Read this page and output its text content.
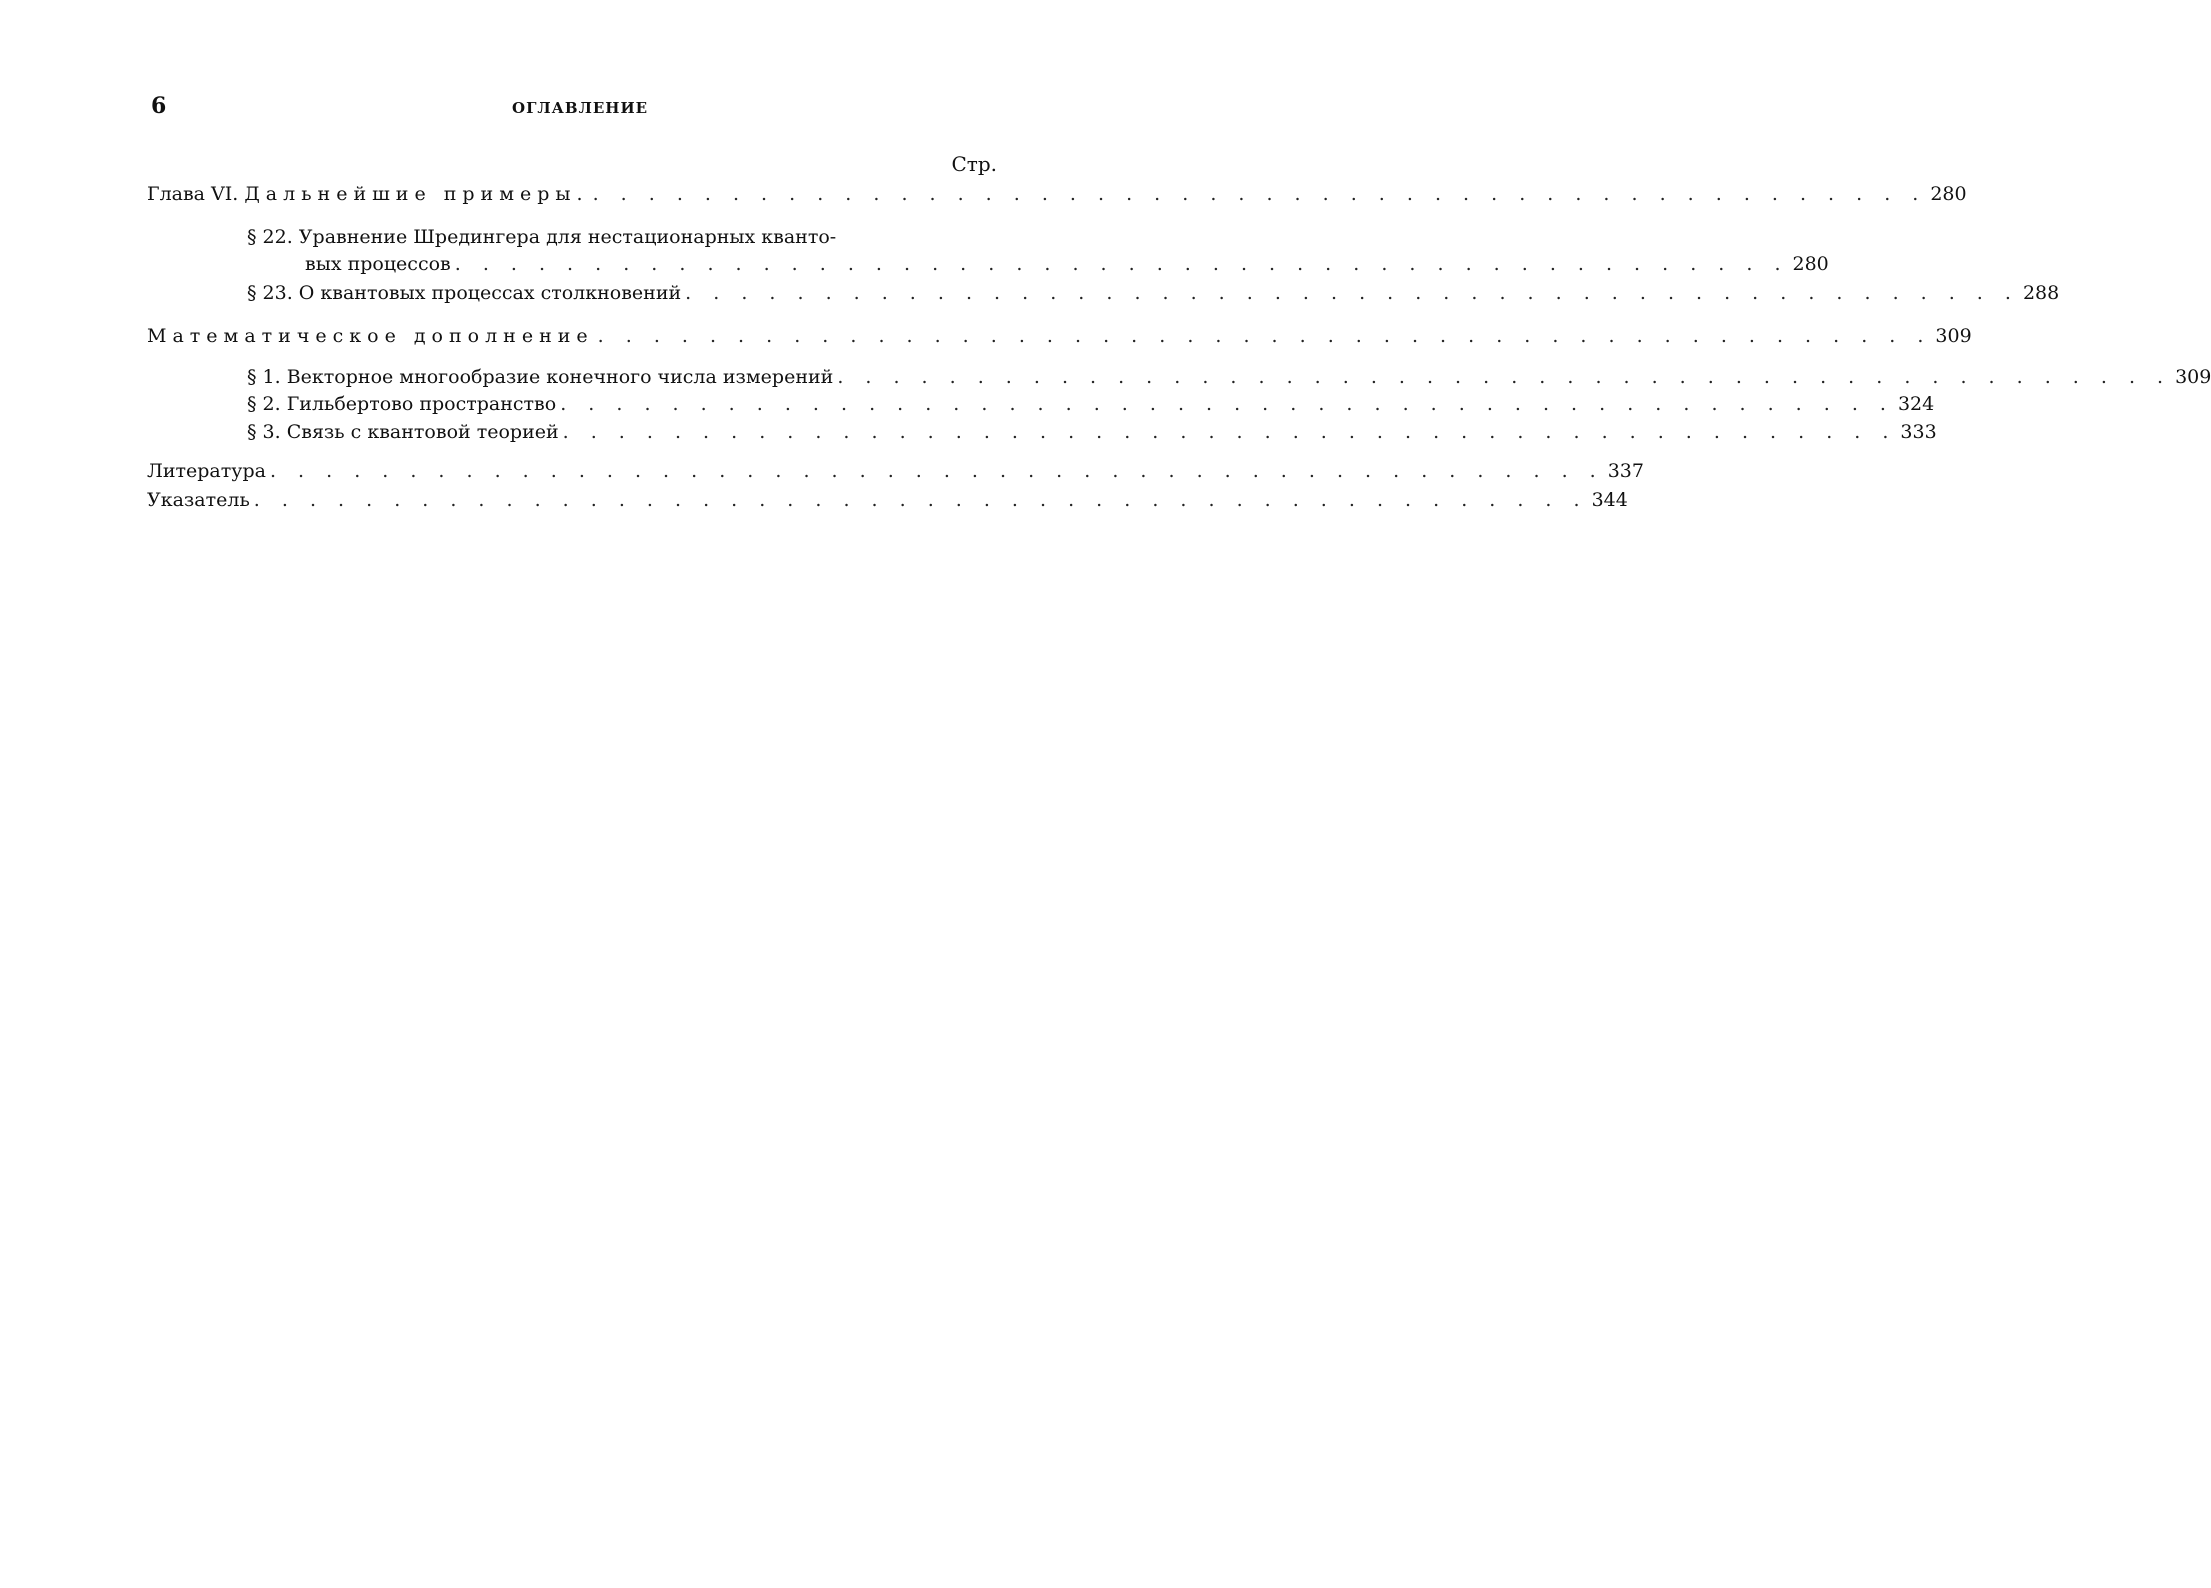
6	ОГЛАВЛЕНИЕ
Стр.
Глава VI. Дальнейшие примеры. . . . . . . . . . . . . . . . . . . . . . . . . . . . . . . . . . . . . . . . . . . . . . . . . 280
§ 22. Уравнение Шредингера для нестационарных кванто-
вых процессов . . . . . . . . . . . . . . . . . . . . . . . . . . . . . . . . . . . . . . . . . . . . . . . . 280
§ 23. О квантовых процессах столкновений . . . . . . . . . . . . . . . . . . . . . . . . . . . . . . . . . . . . . . . . . . . . . . . . 288
Математическое дополнение . . . . . . . . . . . . . . . . . . . . . . . . . . . . . . . . . . . . . . . . . . . . . . . . 309
§ 1. Векторное многообразие конечного числа измерений . . . . . . . . . . . . . . . . . . . . . . . . . . . . . . . . . . . . . . . . . . . . . . . . 309
§ 2. Гильбертово пространство . . . . . . . . . . . . . . . . . . . . . . . . . . . . . . . . . . . . . . . . . . . . . . . . 324
§ 3. Связь с квантовой теорией . . . . . . . . . . . . . . . . . . . . . . . . . . . . . . . . . . . . . . . . . . . . . . . . 333
Литература . . . . . . . . . . . . . . . . . . . . . . . . . . . . . . . . . . . . . . . . . . . . . . . . 337
Указатель . . . . . . . . . . . . . . . . . . . . . . . . . . . . . . . . . . . . . . . . . . . . . . . . 344
